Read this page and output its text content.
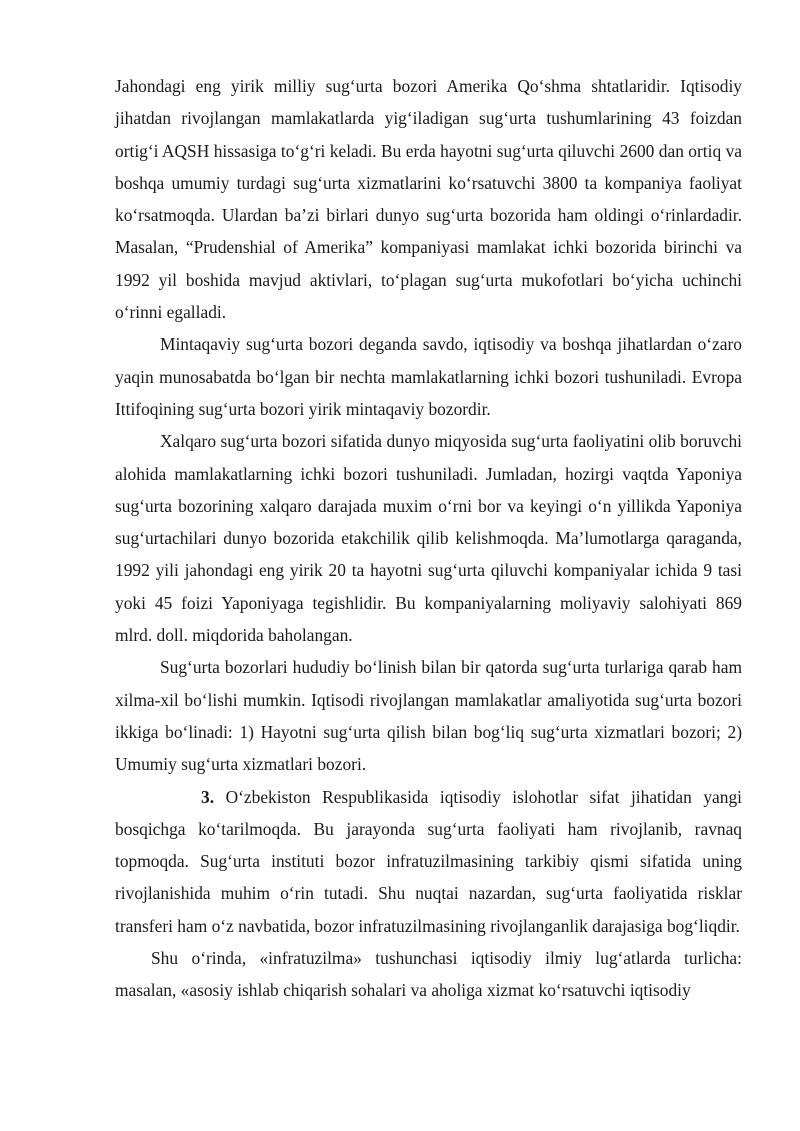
Jahondagi eng yirik milliy sug‘urta bozori Amerika Qo‘shma shtatlaridir. Iqtisodiy jihatdan rivojlangan mamlakatlarda yig‘iladigan sug‘urta tushumlarining 43 foizdan ortig‘i AQSH hissasiga to‘g‘ri keladi. Bu erda hayotni sug‘urta qiluvchi 2600 dan ortiq va boshqa umumiy turdagi sug‘urta xizmatlarini ko‘rsatuvchi 3800 ta kompaniya faoliyat ko‘rsatmoqda. Ulardan ba’zi birlari dunyo sug‘urta bozorida ham oldingi o‘rinlardadir. Masalan, “Prudenshial of Amerika” kompaniyasi mamlakat ichki bozorida birinchi va 1992 yil boshida mavjud aktivlari, to‘plagan sug‘urta mukofotlari bo‘yicha uchinchi o‘rinni egalladi.

Mintaqaviy sug‘urta bozori deganda savdo, iqtisodiy va boshqa jihatlardan o‘zaro yaqin munosabatda bo‘lgan bir nechta mamlakatlarning ichki bozori tushuniladi. Evropa Ittifoqining sug‘urta bozori yirik mintaqaviy bozordir.

Xalqaro sug‘urta bozori sifatida dunyo miqyosida sug‘urta faoliyatini olib boruvchi alohida mamlakatlarning ichki bozori tushuniladi. Jumladan, hozirgi vaqtda Yaponiya sug‘urta bozorining xalqaro darajada muxim o‘rni bor va keyingi o‘n yillikda Yaponiya sug‘urtachilari dunyo bozorida etakchilik qilib kelishmoqda. Ma’lumotlarga qaraganda, 1992 yili jahondagi eng yirik 20 ta hayotni sug‘urta qiluvchi kompaniyalar ichida 9 tasi yoki 45 foizi Yaponiyaga tegishlidir. Bu kompaniyalarning moliyaviy salohiyati 869 mlrd. doll. miqdorida baholangan.

Sug‘urta bozorlari hududiy bo‘linish bilan bir qatorda sug‘urta turlariga qarab ham xilma-xil bo‘lishi mumkin. Iqtisodi rivojlangan mamlakatlar amaliyotida sug‘urta bozori ikkiga bo‘linadi: 1) Hayotni sug‘urta qilish bilan bog‘liq sug‘urta xizmatlari bozori; 2) Umumiy sug‘urta xizmatlari bozori.

3. O‘zbekiston Respublikasida iqtisodiy islohotlar sifat jihatidan yangi bosqichga ko‘tarilmoqda. Bu jarayonda sug‘urta faoliyati ham rivojlanib, ravnaq topmoqda. Sug‘urta instituti bozor infratuzilmasining tarkibiy qismi sifatida uning rivojlanishida muhim o‘rin tutadi. Shu nuqtai nazardan, sug‘urta faoliyatida risklar transferi ham o‘z navbatida, bozor infratuzilmasining rivojlanganlik darajasiga bog‘liqdir.

Shu o‘rinda, «infratuzilma» tushunchasi iqtisodiy ilmiy lug‘atlarda turlicha: masalan, «asosiy ishlab chiqarish sohalari va aholiga xizmat ko‘rsatuvchi iqtisodiy
